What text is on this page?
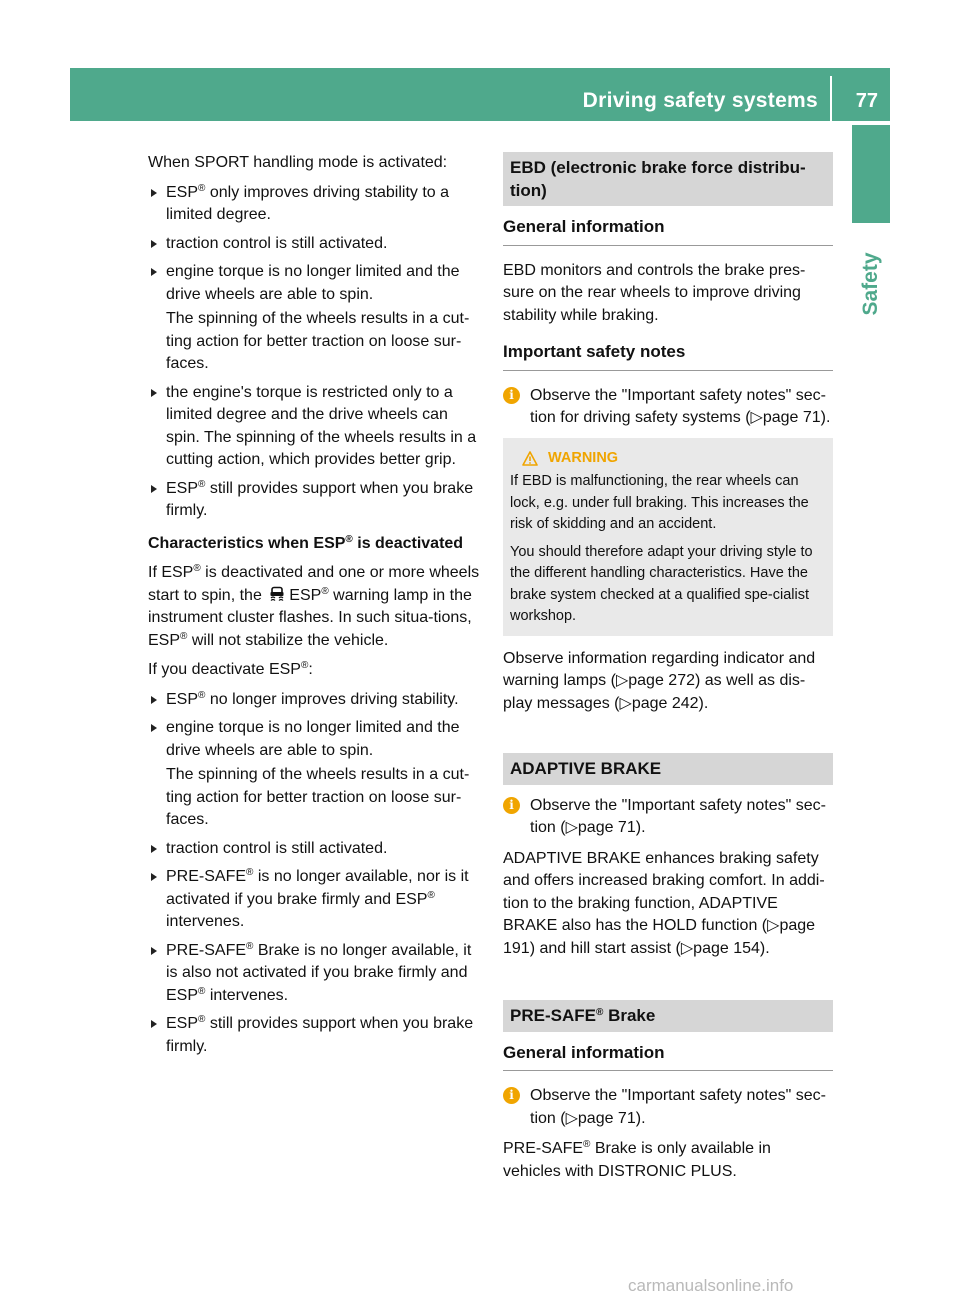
Driving safety systems 77
Safety

When SPORT handling mode is activated:

ESP® only improves driving stability to a limited degree.
traction control is still activated.
engine torque is no longer limited and the drive wheels are able to spin.
The spinning of the wheels results in a cut-ting action for better traction on loose sur-faces.
the engine's torque is restricted only to a limited degree and the drive wheels can spin. The spinning of the wheels results in a cutting action, which provides better grip.
ESP® still provides support when you brake firmly.

Characteristics when ESP® is deactivated

If ESP® is deactivated and one or more wheels start to spin, the ESP® warning lamp in the instrument cluster flashes. In such situa-tions, ESP® will not stabilize the vehicle.

If you deactivate ESP®:

ESP® no longer improves driving stability.
engine torque is no longer limited and the drive wheels are able to spin.
The spinning of the wheels results in a cut-ting action for better traction on loose sur-faces.
traction control is still activated.
PRE-SAFE® is no longer available, nor is it activated if you brake firmly and ESP® intervenes.
PRE-SAFE® Brake is no longer available, it is also not activated if you brake firmly and ESP® intervenes.
ESP® still provides support when you brake firmly.
EBD (electronic brake force distribu-tion)
General information

EBD monitors and controls the brake pres-sure on the rear wheels to improve driving stability while braking.

Important safety notes
i	Observe the "Important safety notes" sec-tion for driving safety systems (▷page 71).
WARNING

If EBD is malfunctioning, the rear wheels can lock, e.g. under full braking. This increases the risk of skidding and an accident.

You should therefore adapt your driving style to the different handling characteristics. Have the brake system checked at a qualified spe-cialist workshop.

Observe information regarding indicator and warning lamps (▷page 272) as well as dis-play messages (▷page 242).

ADAPTIVE BRAKE
i	Observe the "Important safety notes" sec-tion (▷page 71).

ADAPTIVE BRAKE enhances braking safety and offers increased braking comfort. In addi-tion to the braking function, ADAPTIVE BRAKE also has the HOLD function (▷page 191) and hill start assist (▷page 154).

PRE-SAFE® Brake
General information
i	Observe the "Important safety notes" sec-tion (▷page 71).

PRE-SAFE® Brake is only available in vehicles with DISTRONIC PLUS.

carmanualsonline.info
